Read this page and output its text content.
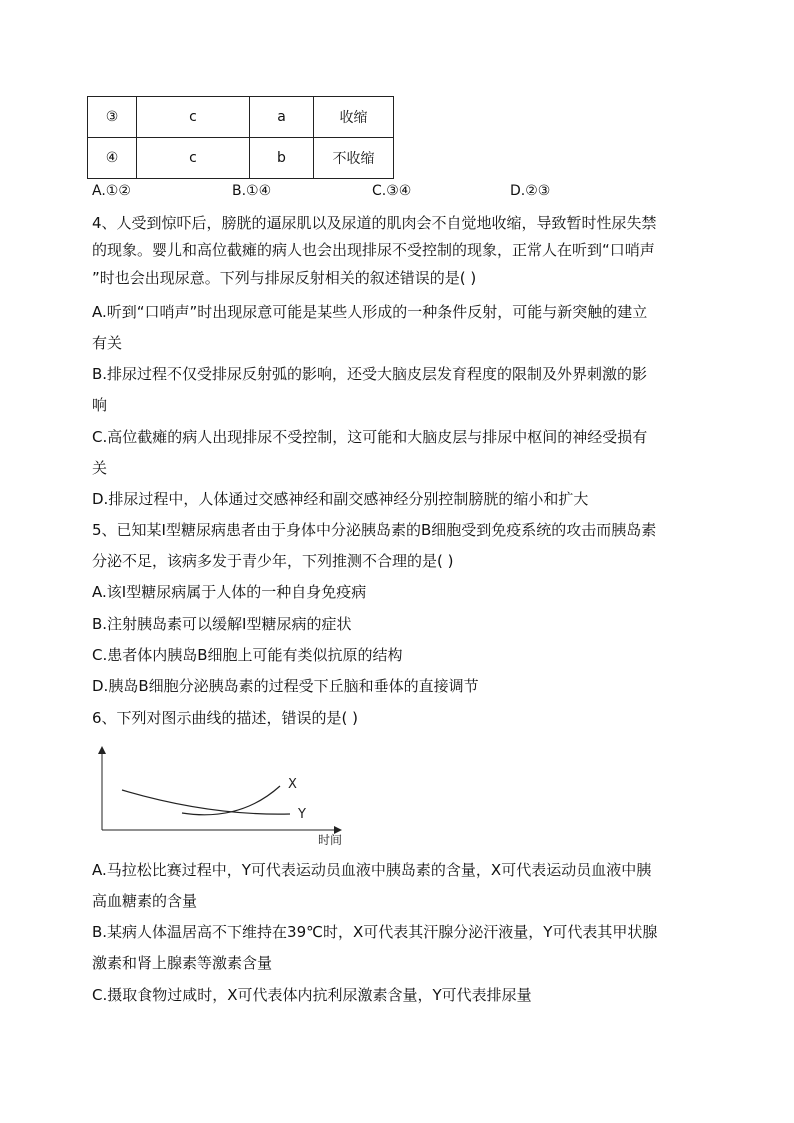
③	c	a	收缩
④	c	b	不收缩
A.①②	B.①④	C.③④	D.②③
4、人受到惊吓后，膀胱的逼尿肌以及尿道的肌肉会不自觉地收缩，导致暂时性尿失禁
的现象。婴儿和高位截瘫的病人也会出现排尿不受控制的现象，正常人在听到“口哨声
”时也会出现尿意。下列与排尿反射相关的叙述错误的是( )
A.听到“口哨声”时出现尿意可能是某些人形成的一种条件反射，可能与新突触的建立
有关
B.排尿过程不仅受排尿反射弧的影响，还受大脑皮层发育程度的限制及外界刺激的影
响
C.高位截瘫的病人出现排尿不受控制，这可能和大脑皮层与排尿中枢间的神经受损有
关
D.排尿过程中，人体通过交感神经和副交感神经分别控制膀胱的缩小和扩大
5、已知某I型糖尿病患者由于身体中分泌胰岛素的B细胞受到免疫系统的攻击而胰岛素
分泌不足，该病多发于青少年，下列推测不合理的是( )
A.该I型糖尿病属于人体的一种自身免疫病
B.注射胰岛素可以缓解I型糖尿病的症状
C.患者体内胰岛B细胞上可能有类似抗原的结构
D.胰岛B细胞分泌胰岛素的过程受下丘脑和垂体的直接调节
6、下列对图示曲线的描述，错误的是( )
X
Y
时间
A.马拉松比赛过程中，Y可代表运动员血液中胰岛素的含量，X可代表运动员血液中胰
高血糖素的含量
B.某病人体温居高不下维持在39℃时，X可代表其汗腺分泌汗液量，Y可代表其甲状腺
激素和肾上腺素等激素含量
C.摄取食物过咸时，X可代表体内抗利尿激素含量，Y可代表排尿量
